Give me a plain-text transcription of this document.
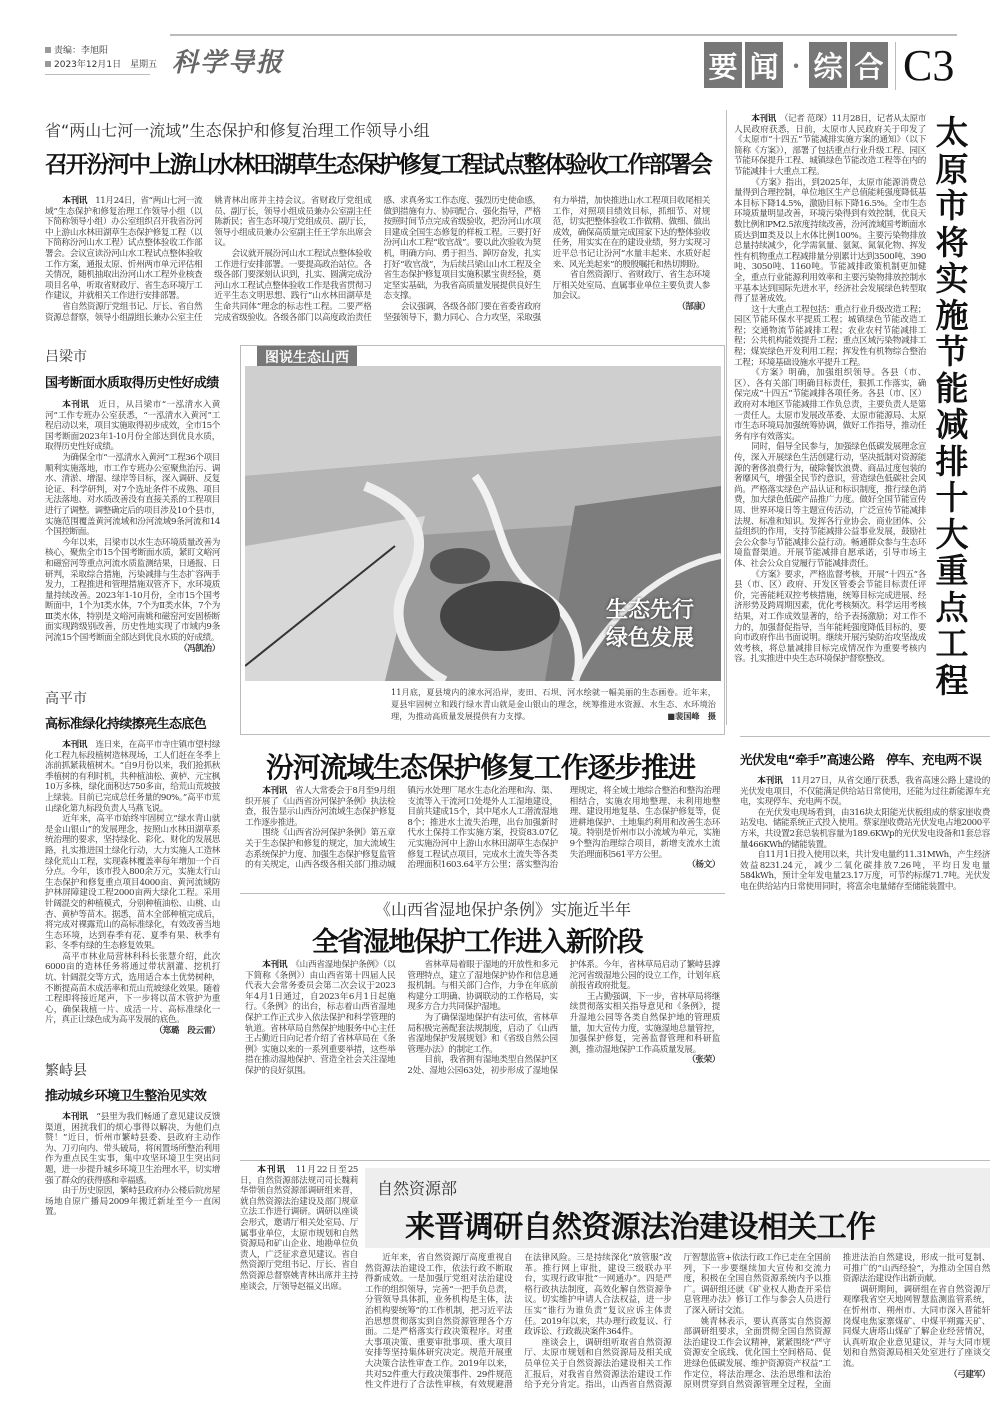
责编：李旭阳
2023年12月1日　星期五 科学导报	要 闻 · 综 合 C3
省“两山七河一流域”生态保护和修复治理工作领导小组
召开汾河中上游山水林田湖草生态保护修复工程试点整体验收工作部署会

本刊讯　 11月24日，省“两山七河一流域”生态保护和修复治理工作领导小组（以下简称领导小组）办公室组织召开我省汾河中上游山水林田湖草生态保护修复工程（以下简称汾河山水工程）试点整体验收工作部署会。会议宣读汾河山水工程试点整体验收工作方案，通报太原、忻州两市单元评估相关情况，随机抽取出汾河山水工程外业核查项目名单，听取省财政厅、省生态环境厅工作建议，并就相关工作进行安排部署。

省自然资源厅党组书记、厅长、省自然资源总督察，领导小组副组长兼办公室主任姚青林出席并主持会议。省财政厅党组成员、副厅长，领导小组成员兼办公室副主任陈新民；省生态环境厅党组成员、副厅长，领导小组成员兼办公室副主任王学东出席会议。

会议就开展汾河山水工程试点整体验收工作进行安排部署。一要提高政治站位。各级各部门要深刻认识到，扎实、圆满完成汾河山水工程试点整体验收工作是我省贯彻习近平生态文明思想、践行“山水林田湖草是生命共同体”理念的标志性工程。二要严格完成省级验收。各级各部门以高度政治责任感、求真务实工作态度、强烈历史使命感，做到措施有力、协同配合、强化指导，严格按照时间节点完成省级验收，把汾河山水项目建成全国生态修复的样板工程。三要打好汾河山水工程“收官战”。要以此次验收为契机，明确方向、勇于担当、踔厉奋发，扎实打好“收官战”，为后续吕梁山山水工程及全省生态保护修复项目实施积累宝贵经验，奠定坚实基础，为我省高质量发展提供良好生态支撑。

会议强调，各级各部门要在省委省政府坚强领导下，勠力同心、合力攻坚，采取强有力举措，加快推进山水工程项目收尾相关工作，对照项目绩效目标，抓细节、对规范，切实把整体验收工作做精、做细、做出成效，确保高质量完成国家下达的整体验收任务，用实实在在的建设业绩，努力实现习近平总书记让汾河“水量丰起来、水质好起来、风光美起来”的殷殷嘱托和热切期盼。

省自然资源厅、省财政厅、省生态环境厅相关处室局、直属事业单位主要负责人参加会议。

（郜康）

本刊讯　 （记者 范琛）11月28日，记者从太原市人民政府获悉，日前，太原市人民政府关于印发了《太原市“十四五”节能减排实施方案的通知》（以下简称《方案》），部署了包括重点行业升级工程、园区节能环保提升工程、城镇绿色节能改造工程等在内的节能减排十大重点工程。

《方案》指出，到2025年，太原市能源消费总量得到合理控制，单位地区生产总值能耗强度降低基本目标下降14.5%，激励目标下降16.5%。全市生态环境质量明显改善，环境污染得到有效控制，优良天数比例和PM2.5浓度持续改善，汾河流域国考断面水质达到Ⅲ类及以上水体比例100%。主要污染物排放总量持续减少，化学需氧量、氨氮、氮氧化物、挥发性有机物重点工程减排量分别累计达到3500吨、390吨、3050吨、1160吨。节能减排政策机制更加健全，重点行业能源利用效率和主要污染物排放控制水平基本达到国际先进水平，经济社会发展绿色转型取得了显著成效。

这十大重点工程包括：重点行业升级改造工程；园区节能环保水平提质工程；城镇绿色节能改造工程；交通物流节能减排工程；农业农村节能减排工程；公共机构能效提升工程；重点区域污染物减排工程；煤炭绿色开发利用工程；挥发性有机物综合整治工程；环境基础设施水平提升工程。

《方案》明确，加强组织领导。各县（市、区）、各有关部门明确目标责任，狠抓工作落实，确保完成“十四五”节能减排各项任务。各县（市、区）政府对本地区节能减排工作负总责，主要负责人是第一责任人。太原市发展改革委、太原市能源局、太原市生态环境局加强统筹协调，做好工作指导，推动任务有序有效落实。

同时，倡导全民参与，加强绿色低碳发展理念宣传，深入开展绿色生活创建行动，坚决抵制对资源能源的奢侈浪费行为，破除餐饮浪费、商品过度包装的奢靡风气，增强全民节约意识，营造绿色低碳社会风尚。严格落实绿色产品认证和标识制度，推行绿色消费，加大绿色低碳产品推广力度。做好全国节能宣传周、世界环境日等主题宣传活动，广泛宣传节能减排法规、标准和知识。发挥各行业协会、商业团体、公益组织的作用，支持节能减排公益事业发展，鼓励社会公众参与节能减排公益行动。畅通群众参与生态环境监督渠道。开展节能减排自愿承诺，引导市场主体、社会公众自觉履行节能减排责任。

《方案》要求，严格监督考核，开展“十四五”各县（市、区）政府、开发区管委会节能目标责任评价，完善能耗双控考核措施，统筹目标完成进展、经济形势及跨周期因素，优化考核频次。科学运用考核结果，对工作成效显著的，给予表扬激励；对工作不力的，加强督促指导，当年能耗强度降低目标的，要向市政府作出书面说明。继续开展污染防治攻坚战成效考核，将总量减排目标完成情况作为重要考核内容。扎实推进中央生态环境保护督察整改。

太原市将实施节能减排十大重点工程
吕梁市
国考断面水质取得历史性好成绩

本刊讯　 近日，从吕梁市“一泓清水入黄河”工作专班办公室获悉，“一泓清水入黄河”工程启动以来，项目实施取得初步成效，全市15个国考断面2023年1-10月份全部达到优良水质，取得历史性好成绩。

为确保全市“一泓清水入黄河”工程36个项目顺利实施落地，市工作专班办公室聚焦治污、调水、清淤、增湿、绿岸等目标，深入调研、反复论证、科学研判，对7个选址条件不成熟、项目无法落地、对水质改善没有直接关系的工程项目进行了调整。调整确定后的项目涉及10个县市，实施范围覆盖黄河流域和汾河流域9条河流和14个国控断面。

今年以来，吕梁市以水生态环境质量改善为核心，聚焦全市15个国考断面水质，紧盯文峪河和磁窑河等重点河流水质监测结果，日通报、日研判，采取综合措施，污染减排与生态扩容两手发力，工程推进和管理措施双管齐下，水环境质量持续改善。2023年1-10月份，全市15个国考断面中，1个为Ⅰ类水体，7个为Ⅱ类水体，7个为Ⅲ类水体，特别是文峪河南姚和磁窑河安固桥断面实现跨级别改善，历史性地实现了市域内9条河流15个国考断面全部达到优良水质的好成绩。

（冯凯治）

高平市
高标准绿化持续擦亮生态底色

本刊讯　 连日来，在高平市寺庄镇市望村绿化工程九标段植树造林现场，工人们赶在冬季上冻前抓紧栽植树木。“自9月份以来，我们抢抓秋季植树的有利时机，共种植油松、黄栌、元宝枫10万多株，绿化面积达750多亩，给荒山荒坡披上绿装。目前已完成总任务量的90%。”高平市荒山绿化第九标段负责人马燕飞说。

近年来，高平市始终牢固树立“绿水青山就是金山银山”的发展理念，按照山水林田湖草系统治理的要求，坚持绿化、彩化、财化的发展思路，扎实推进国土绿化行动，大力实施人工造林绿化荒山工程，实现森林覆盖率每年增加一个百分点。今年，该市投入800余万元，实施太行山生态保护和修复重点项目4000亩、黄河流域防护林屏障建设工程2000亩两大绿化工程。采用针阔混交的种植模式，分别种植油松、山桃、山杏、黄栌等苗木。据悉，苗木全部种植完成后，将完成对裸露荒山的高标准绿化，有效改善当地生态环境，达到春季有花、夏季有果、秋季有彩、冬季有绿的生态修复效果。

高平市林业局营林科科长张慧介绍，此次6000亩的造林任务将通过带状割灌、挖机打坑、针阔混交等方式，选用适合本土优势树种，不断提高苗木成活率和荒山荒坡绿化效果。随着工程即将接近尾声，下一步将以苗木管护为重心，确保栽植一片、成活一片、高标准绿化一片，真正让绿色成为高平发展的底色。

（郑璐　段云雷）

繁峙县
推动城乡环境卫生整治见实效

本刊讯　 “县里为我们畅通了意见建议反馈渠道，困扰我们的烦心事得以解决，为他们点赞！”近日，忻州市繁峙县委、县政府主动作为、刀刃向内、带头破局，将闲置场所整治利用作为重点民生实事，集中攻坚环境卫生突出问题，进一步提升城乡环境卫生治理水平，切实增强了群众的获得感和幸福感。

由于历史原因，繁峙县政府办公楼后院房屋场地自原广播局2009年搬迁新址至今一直闲置。

图说生态山西
生态先行
绿色发展
11月底，夏县境内的涑水河沿岸，麦田、石坝、河水绘就一幅美丽的生态画卷。近年来，夏县牢固树立和践行绿水青山就是金山银山的理念，统筹推进水资源、水生态、水环境治理，为推动高质量发展提供有力支撑。	■裴国峰　摄
汾河流域生态保护修复工作逐步推进

本刊讯　 省人大常委会于8月至9月组织开展了《山西省汾河保护条例》执法检查，报告显示山西汾河流域生态保护修复工作逐步推进。

围绕《山西省汾河保护条例》第五章关于生态保护和修复的规定，加大流域生态系统保护力度、加强生态保护修复监管的有关规定，山西各级各相关部门推动城镇污水处理厂尾水生态化治理和沟、渠、支流等入干流河口处堤外人工湿地建设，目前共建成15个，其中尾水人工潜流湿地8个；推进水土流失治理，出台加强新时代水土保持工作实施方案，投资83.07亿元实施汾河中上游山水林田湖草生态保护修复工程试点项目，完成水土流失等各类治理面积1603.64平方公里；落实整沟治理规定，将全域土地综合整治和整沟治理相结合，实施农用地整理、未利用地整理、建设用地复垦、生态保护修复等，促进耕地保护、土地集约利用和改善生态环境。特别是忻州市以小流域为单元，实施9个整沟治理综合项目，新增支流水土流失治理面积561平方公里。

（杨文）

《山西省湿地保护条例》实施近半年
全省湿地保护工作进入新阶段

本刊讯　 《山西省湿地保护条例》（以下简称《条例》）由山西省第十四届人民代表大会常务委员会第二次会议于2023年4月1日通过，自2023年6月1日起施行。《条例》的出台，标志着山西省湿地保护工作正式步入依法保护和科学管理的轨道。省林草局自然保护地服务中心主任王占勤近日向记者介绍了省林草局在《条例》实施以来的一系列重要举措，这些举措在推动湿地保护、营造全社会关注湿地保护的良好氛围。

省林草局着眼于湿地的开放性和多元管理特点，建立了湿地保护协作和信息通报机制。与相关部门合作，力争在年底前构建分工明确、协调联动的工作格局，实现多方合力共同保护湿地。

为了确保湿地保护有法可依，省林草局积极完善配套法规制度，启动了《山西省湿地保护发展规划》和《省级自然公园管理办法》的制定工作。

目前，我省拥有湿地类型自然保护区2处、湿地公园63处，初步形成了湿地保护体系。今年，省林草局启动了繁峙县滹沱河省级湿地公园的设立工作，计划年底前报省政府批复。

王占勤强调，下一步，省林草局将继续贯彻落实相关指导意见和《条例》，提升湿地公园等各类自然保护地的管理质量，加大宣传力度，实施湿地总量管控，加强保护修复，完善监督管理和科研监测，推动湿地保护工作高质量发展。

（张荣）

光伏发电“牵手”高速公路　停车、充电两不误

本刊讯　 11月27日，从省交通厅获悉，我省高速公路上建设的光伏发电项目，不仅能满足供给站日常使用，还能为过往新能源车充电，实现停车、充电两不误。

在光伏发电现场看到，由316块太阳能光伏板组成的蔡家崖收费站发电、储能系统正式投入使用。蔡家崖收费站光伏发电占地2000平方米，共设置2套总装机容量为189.6KWp的光伏发电设备和1套总容量466KWh的储能装置。

自11月1日投入使用以来，共计发电量约11.31MWh，产生经济效益8231.24元，减少二氧化碳排放7.26吨，平均日发电量584kWh，预计全年发电量23.17万度，可节约标煤71.7吨。光伏发电在供给站内日常使用同时，将富余电量储存至储能装置中。

自然资源部
来晋调研自然资源法治建设相关工作

本刊讯　 11月22日至25日，自然资源部法规司司长魏莉华带领自然资源部调研组来晋，就自然资源法治建设及部门规章立法工作进行调研。调研以座谈会形式，邀请厅相关处室局、厅属事业单位，太原市规划和自然资源局和矿山企业、地勘单位负责人，广泛征求意见建议。省自然资源厅党组书记、厅长、省自然资源总督察姚青林出席并主持座谈会，厅领导赵福义出席。

近年来，省自然资源厅高度重视自然资源法治建设工作，依法行政不断取得新成效。一是加强厅党组对法治建设工作的组织领导，完善“一把手负总责，分管领导具体抓，业务机构是主体，法治机构要统筹”的工作机制，把习近平法治思想贯彻落实到自然资源管理各个方面。二是严格落实行政决策程序。对重大事项决策、重要审批事项、重大项目安排等坚持集体研究决定。规范开展重大决策合法性审查工作。2019年以来，共对52件重大行政决策事件、29件规范性文件进行了合法性审核，有效规避潜在法律风险。三是持续深化“放管服”改革。推行网上审批，建设三级联办平台，实现行政审批“一网通办”。四是严格行政执法制度，高效化解自然资源争议。切实维护申请人合法权益，进一步压实“谁行为谁负责”复议应诉主体责任。2019年以来，共办理行政复议、行政诉讼、行政裁决案件364件。

座谈会上，调研组听取省自然资源厅、太原市规划和自然资源局及相关成员单位关于自然资源法治建设相关工作汇报后，对我省自然资源法治建设工作给予充分肯定。指出，山西省自然资源厅智慧监管+依法行政工作已走在全国前列，下一步要继续加大宣传和交流力度，积极在全国自然资源系统内予以推广。调研组还就《矿业权人勘查开采信息管理办法》修订工作与参会人员进行了深入研讨交流。

姚青林表示，要认真落实自然资源部调研组要求，全面贯彻全国自然资源法治建设工作会议精神，紧紧围绕“严守资源安全底线、优化国土空间格局、促进绿色低碳发展、维护资源资产权益”工作定位，将法治理念、法治思维和法治原则贯穿到自然资源管理全过程，全面推进法治自然建设，形成一批可复制、可推广的“山西经验”，为推动全国自然资源法治建设作出新贡献。

调研期间，调研组在省自然资源厅观摩我省空天地网智慧监测监管系统，在忻州市、朔州市、大同市深入晋能轩岗煤电焦家寨煤矿、中煤平朔露天矿、同煤大唐塔山煤矿了解企业经营情况，认真听取企业意见建议，并与大同市规划和自然资源局相关处室进行了座谈交流。

（弓建军）
